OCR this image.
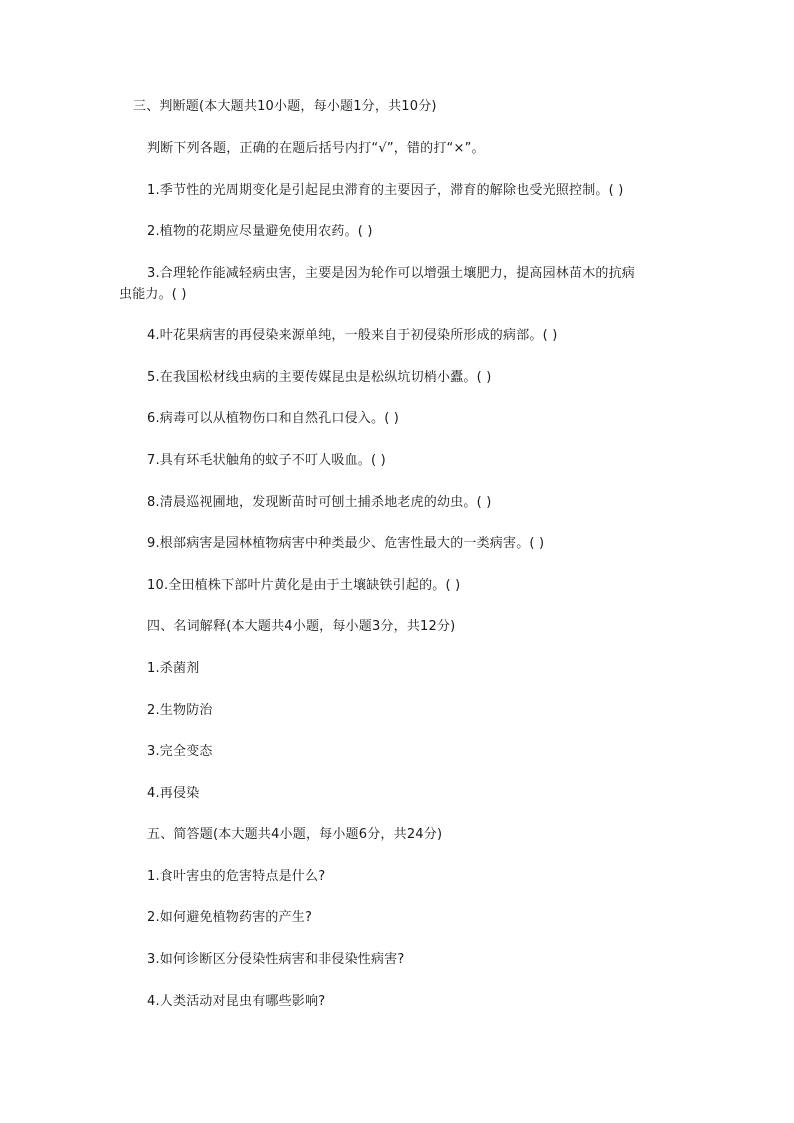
三、判断题(本大题共10小题，每小题1分，共10分)
判断下列各题，正确的在题后括号内打“√”，错的打“×”。
1.季节性的光周期变化是引起昆虫滞育的主要因子，滞育的解除也受光照控制。( )
2.植物的花期应尽量避免使用农药。( )
3.合理轮作能减轻病虫害，主要是因为轮作可以增强土壤肥力，提高园林苗木的抗病
虫能力。( )
4.叶花果病害的再侵染来源单纯，一般来自于初侵染所形成的病部。( )
5.在我国松材线虫病的主要传媒昆虫是松纵坑切梢小蠹。( )
6.病毒可以从植物伤口和自然孔口侵入。( )
7.具有环毛状触角的蚊子不叮人吸血。( )
8.清晨巡视圃地，发现断苗时可刨土捕杀地老虎的幼虫。( )
9.根部病害是园林植物病害中种类最少、危害性最大的一类病害。( )
10.全田植株下部叶片黄化是由于土壤缺铁引起的。( )
四、名词解释(本大题共4小题，每小题3分，共12分)
1.杀菌剂
2.生物防治
3.完全变态
4.再侵染
五、简答题(本大题共4小题，每小题6分，共24分)
1.食叶害虫的危害特点是什么?
2.如何避免植物药害的产生?
3.如何诊断区分侵染性病害和非侵染性病害?
4.人类活动对昆虫有哪些影响?
